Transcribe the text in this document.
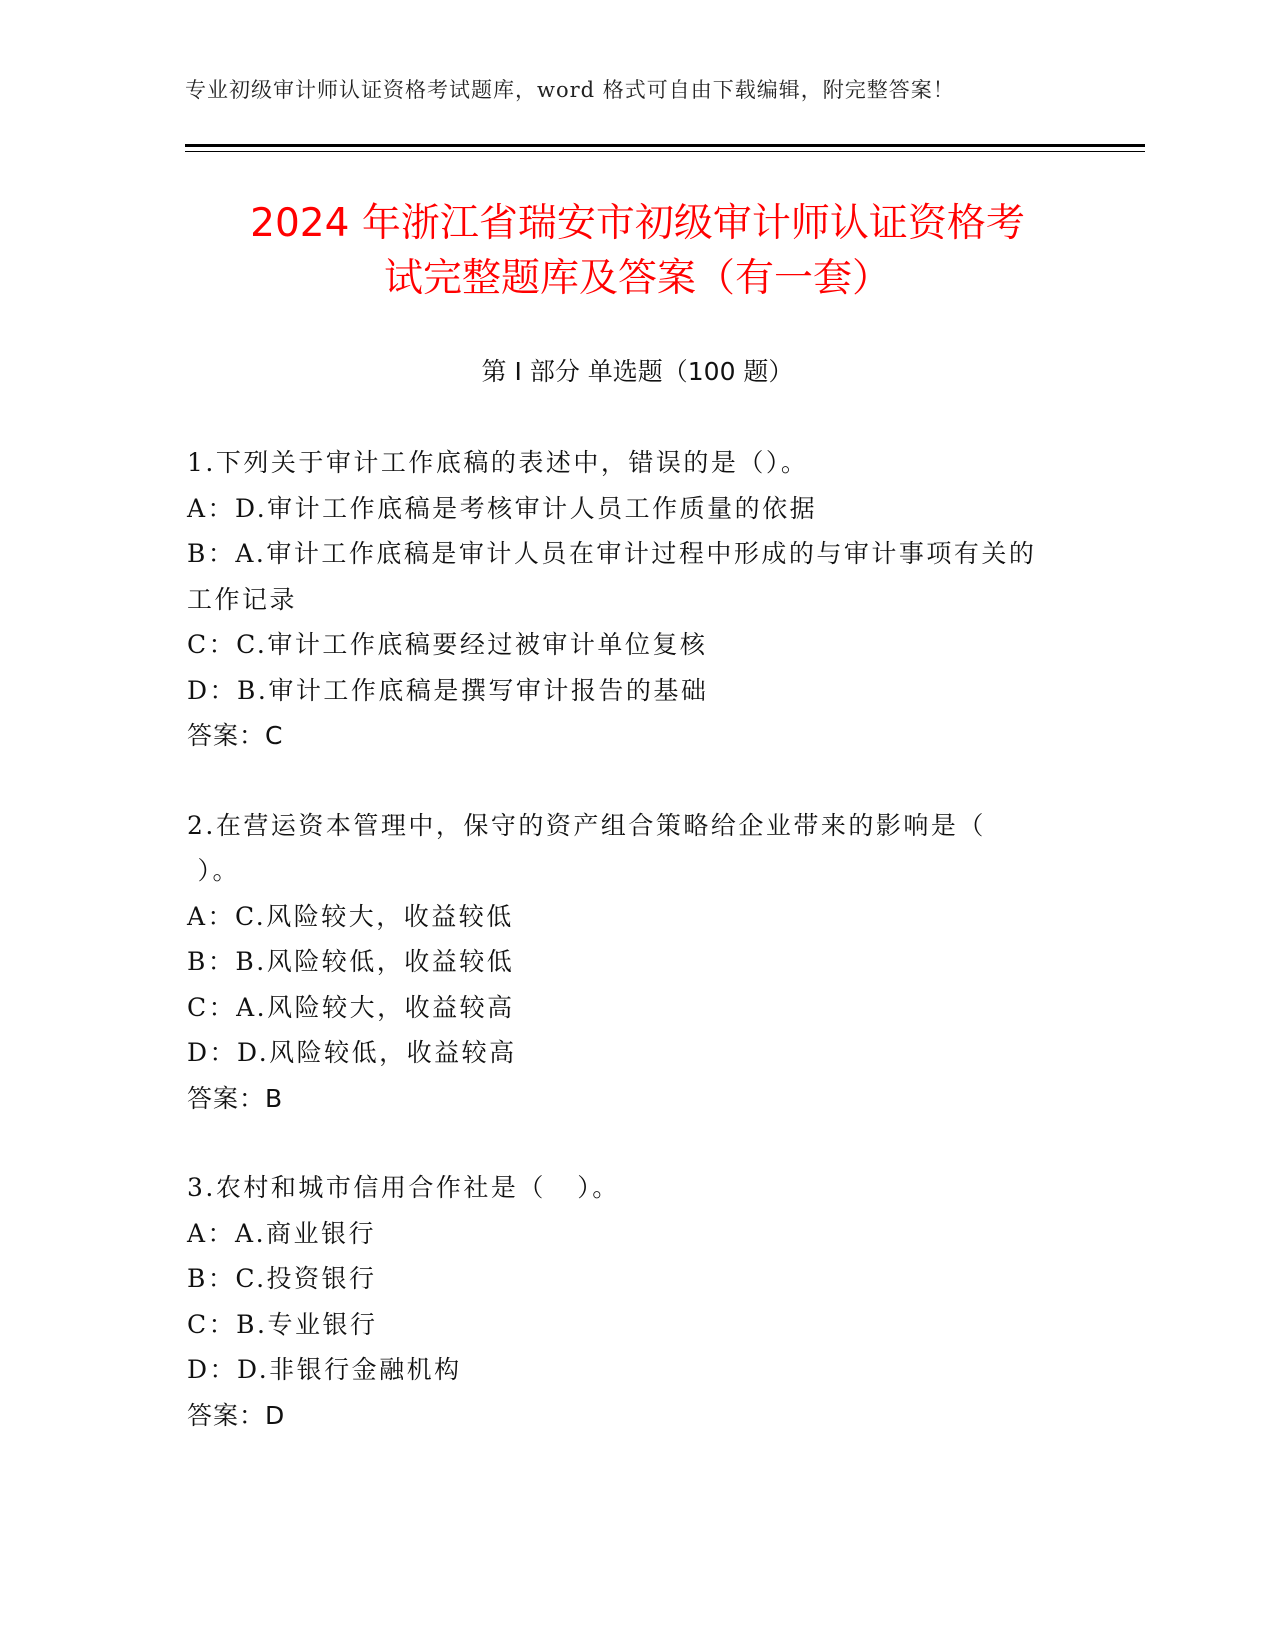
专业初级审计师认证资格考试题库，word 格式可自由下载编辑，附完整答案！
2024 年浙江省瑞安市初级审计师认证资格考
试完整题库及答案（有一套）
第 I 部分 单选题（100 题）
1.下列关于审计工作底稿的表述中，错误的是（）。
A：D.审计工作底稿是考核审计人员工作质量的依据
B：A.审计工作底稿是审计人员在审计过程中形成的与审计事项有关的
工作记录
C：C.审计工作底稿要经过被审计单位复核
D：B.审计工作底稿是撰写审计报告的基础
答案：C
2.在营运资本管理中，保守的资产组合策略给企业带来的影响是（
）。
A：C.风险较大，收益较低
B：B.风险较低，收益较低
C：A.风险较大，收益较高
D：D.风险较低，收益较高
答案：B
3.农村和城市信用合作社是（   ）。
A：A.商业银行
B：C.投资银行
C：B.专业银行
D：D.非银行金融机构
答案：D
